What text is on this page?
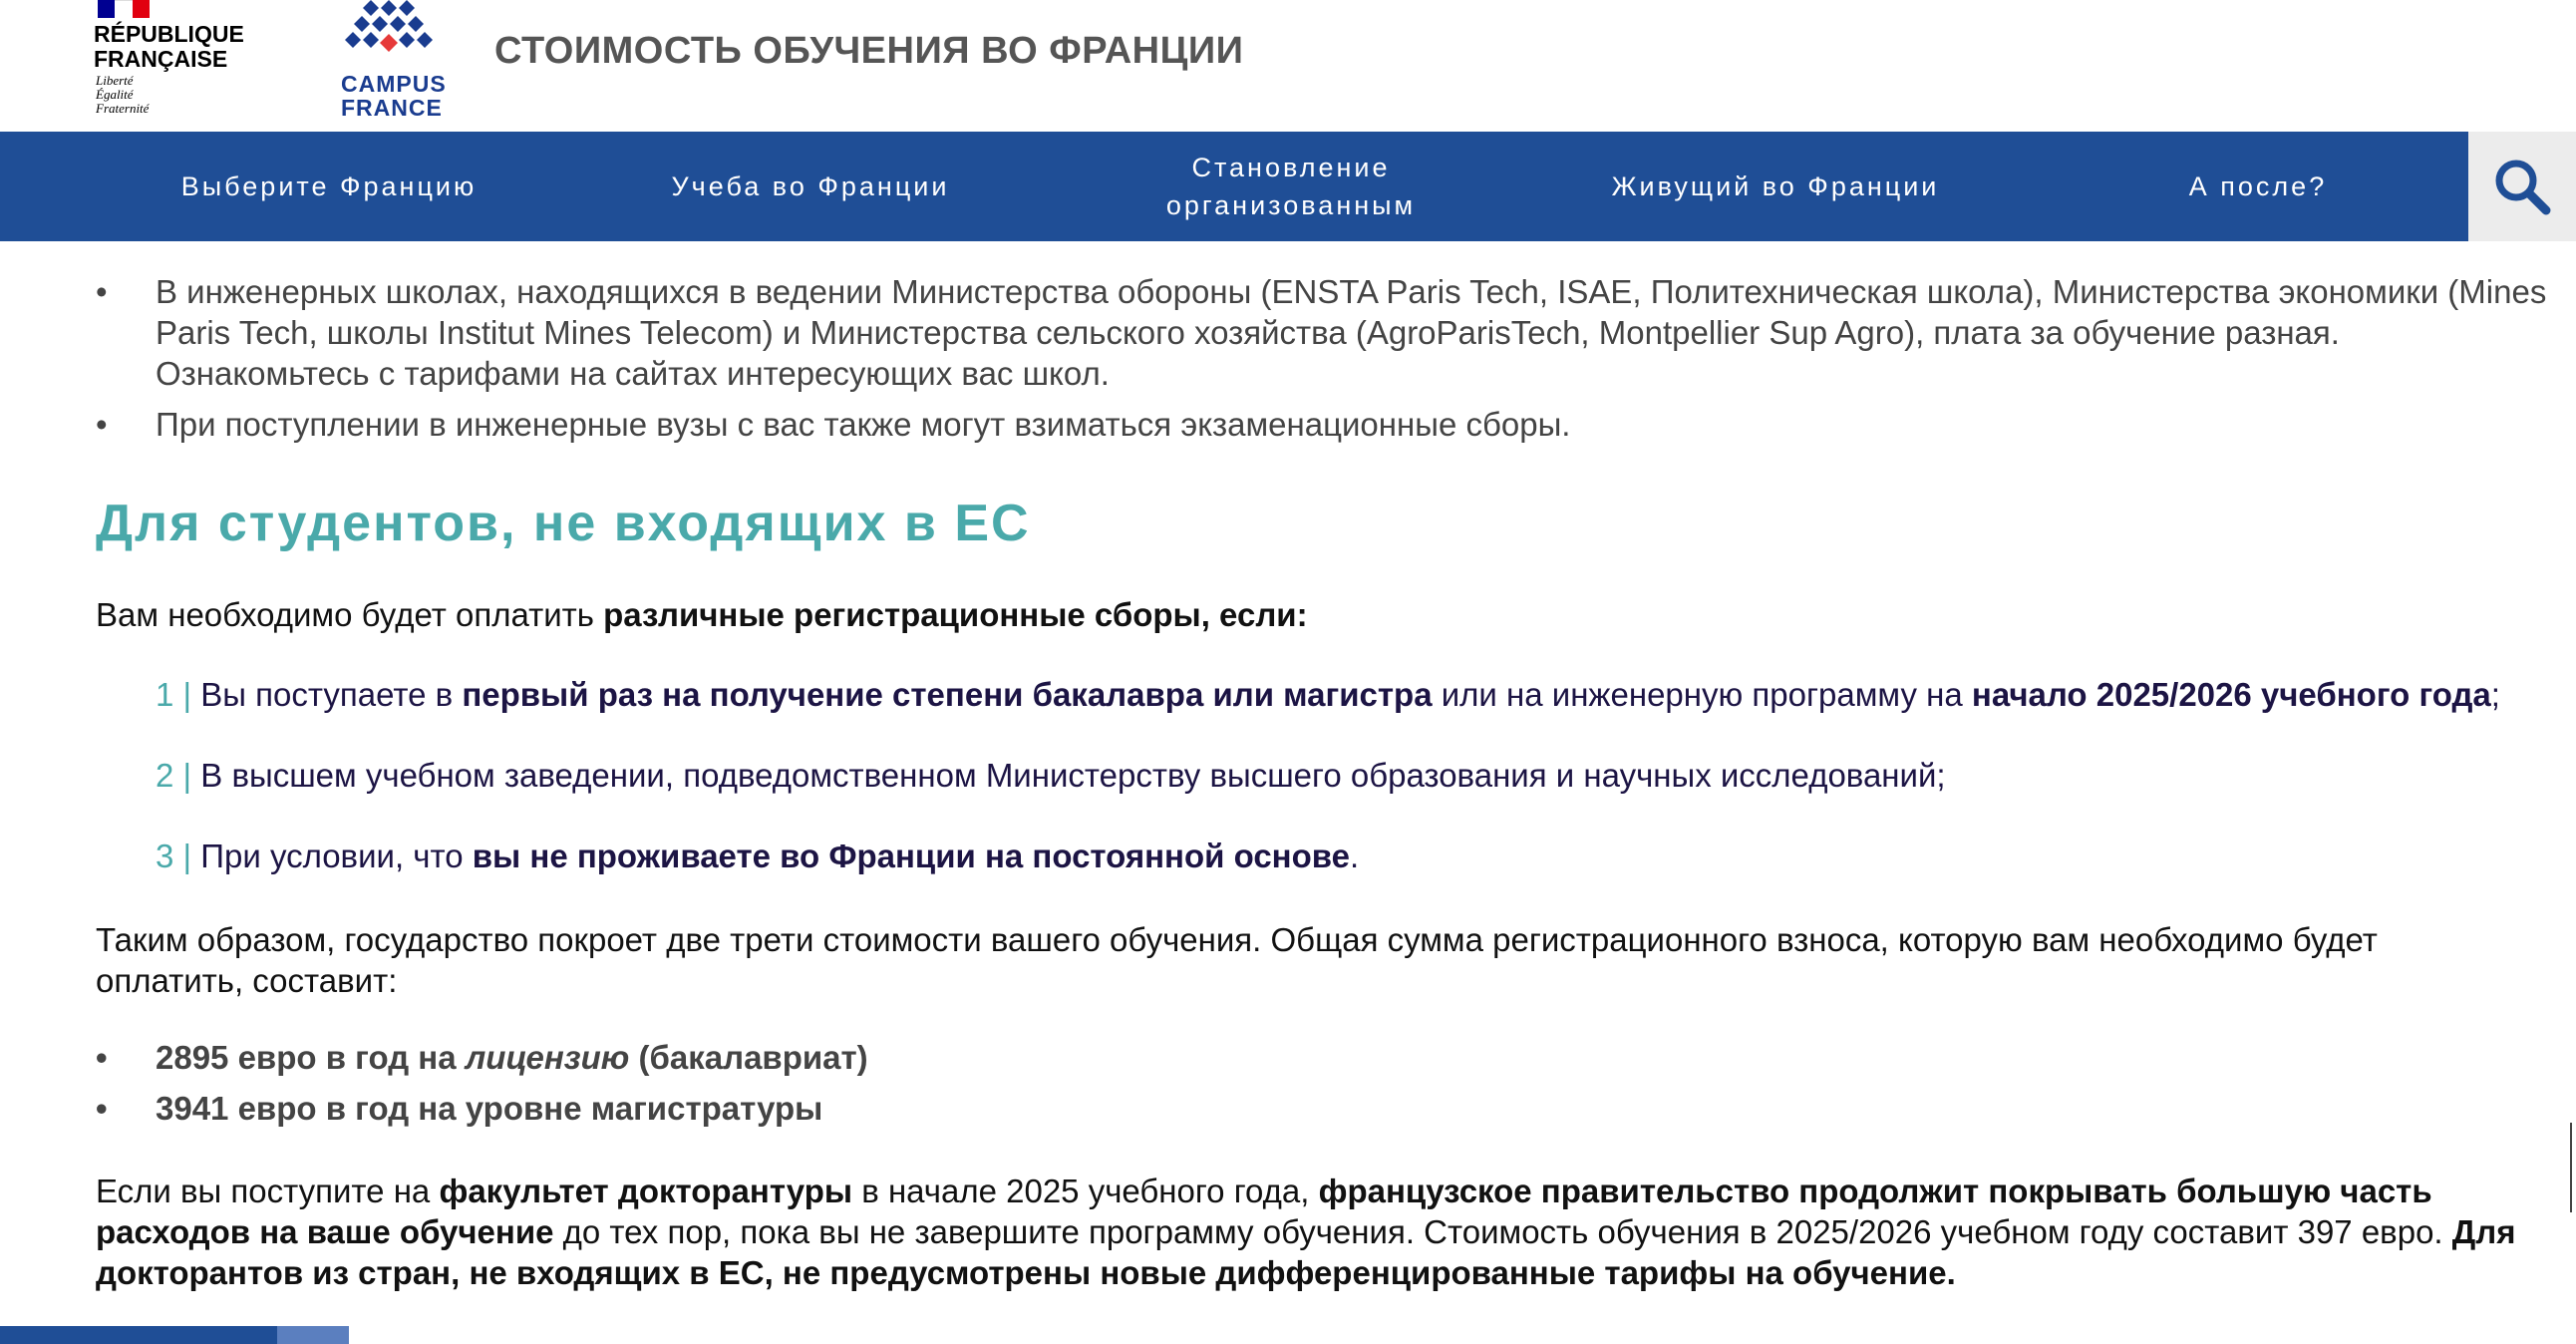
RÉPUBLIQUE
FRANÇAISE
Liberté
Égalité
Fraternité
CAMPUS
FRANCE
СТОИМОСТЬ ОБУЧЕНИЯ ВО ФРАНЦИИ
Выберите Францию	Учеба во Франции
Становление организованным
Живущий во Франции	А после?
• В инженерных школах, находящихся в ведении Министерства обороны (ENSTA Paris Tech, ISAE, Политехническая школа), Министерства экономики (Mines Paris Tech, школы Institut Mines Telecom) и Министерства сельского хозяйства (AgroParisTech, Montpellier Sup Agro), плата за обучение разная. Ознакомьтесь с тарифами на сайтах интересующих вас школ.
• При поступлении в инженерные вузы с вас также могут взиматься экзаменационные сборы.
Для студентов, не входящих в ЕС
Вам необходимо будет оплатить различные регистрационные сборы, если:
1 | Вы поступаете в первый раз на получение степени бакалавра или магистра или на инженерную программу на начало 2025/2026 учебного года;
2 | В высшем учебном заведении, подведомственном Министерству высшего образования и научных исследований;
3 | При условии, что вы не проживаете во Франции на постоянной основе.
Таким образом, государство покроет две трети стоимости вашего обучения. Общая сумма регистрационного взноса, которую вам необходимо будет оплатить, составит:
• 2895 евро в год на лицензию (бакалавриат)
• 3941 евро в год на уровне магистратуры
Если вы поступите на факультет докторантуры в начале 2025 учебного года, французское правительство продолжит покрывать большую часть расходов на ваше обучение до тех пор, пока вы не завершите программу обучения. Стоимость обучения в 2025/2026 учебном году составит 397 евро. Для докторантов из стран, не входящих в ЕС, не предусмотрены новые дифференцированные тарифы на обучение.
